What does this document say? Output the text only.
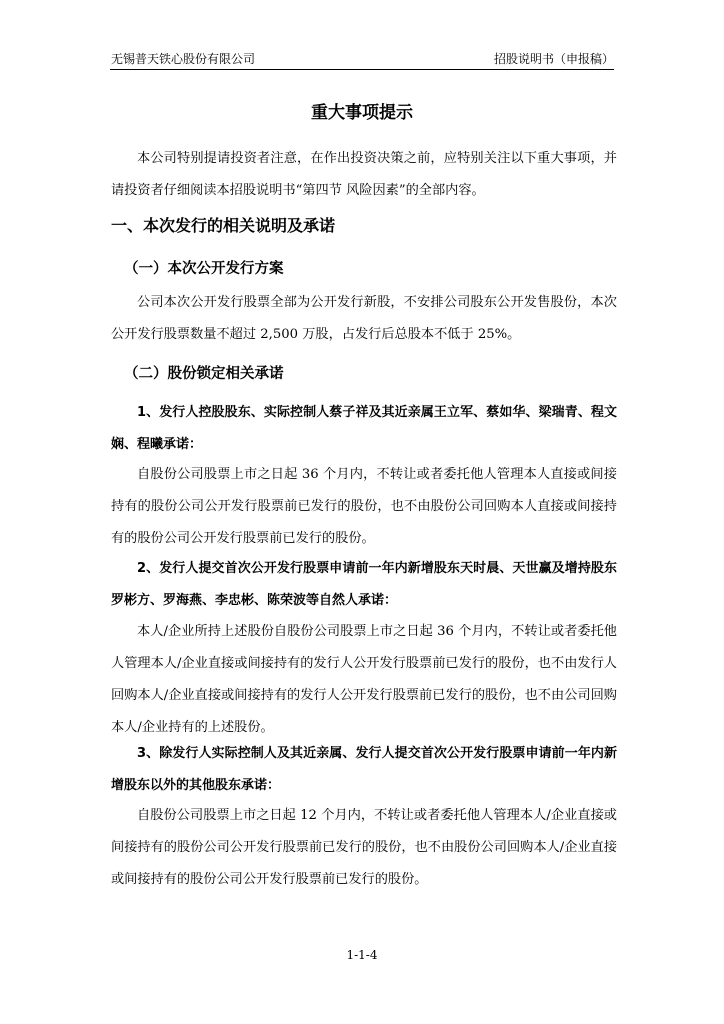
无锡普天铁心股份有限公司	招股说明书（申报稿）
重大事项提示
本公司特别提请投资者注意，在作出投资决策之前，应特别关注以下重大事项，并请投资者仔细阅读本招股说明书“第四节 风险因素”的全部内容。
一、本次发行的相关说明及承诺
（一）本次公开发行方案
公司本次公开发行股票全部为公开发行新股，不安排公司股东公开发售股份，本次公开发行股票数量不超过 2,500 万股，占发行后总股本不低于 25%。
（二）股份锁定相关承诺
1、发行人控股股东、实际控制人蔡子祥及其近亲属王立军、蔡如华、梁瑞青、程文娴、程曦承诺：
自股份公司股票上市之日起 36 个月内，不转让或者委托他人管理本人直接或间接持有的股份公司公开发行股票前已发行的股份，也不由股份公司回购本人直接或间接持有的股份公司公开发行股票前已发行的股份。
2、发行人提交首次公开发行股票申请前一年内新增股东天时晨、天世赢及增持股东罗彬方、罗海燕、李忠彬、陈荣波等自然人承诺：
本人/企业所持上述股份自股份公司股票上市之日起 36 个月内，不转让或者委托他人管理本人/企业直接或间接持有的发行人公开发行股票前已发行的股份，也不由发行人回购本人/企业直接或间接持有的发行人公开发行股票前已发行的股份，也不由公司回购本人/企业持有的上述股份。
3、除发行人实际控制人及其近亲属、发行人提交首次公开发行股票申请前一年内新增股东以外的其他股东承诺：
自股份公司股票上市之日起 12 个月内，不转让或者委托他人管理本人/企业直接或间接持有的股份公司公开发行股票前已发行的股份，也不由股份公司回购本人/企业直接或间接持有的股份公司公开发行股票前已发行的股份。
1-1-4
